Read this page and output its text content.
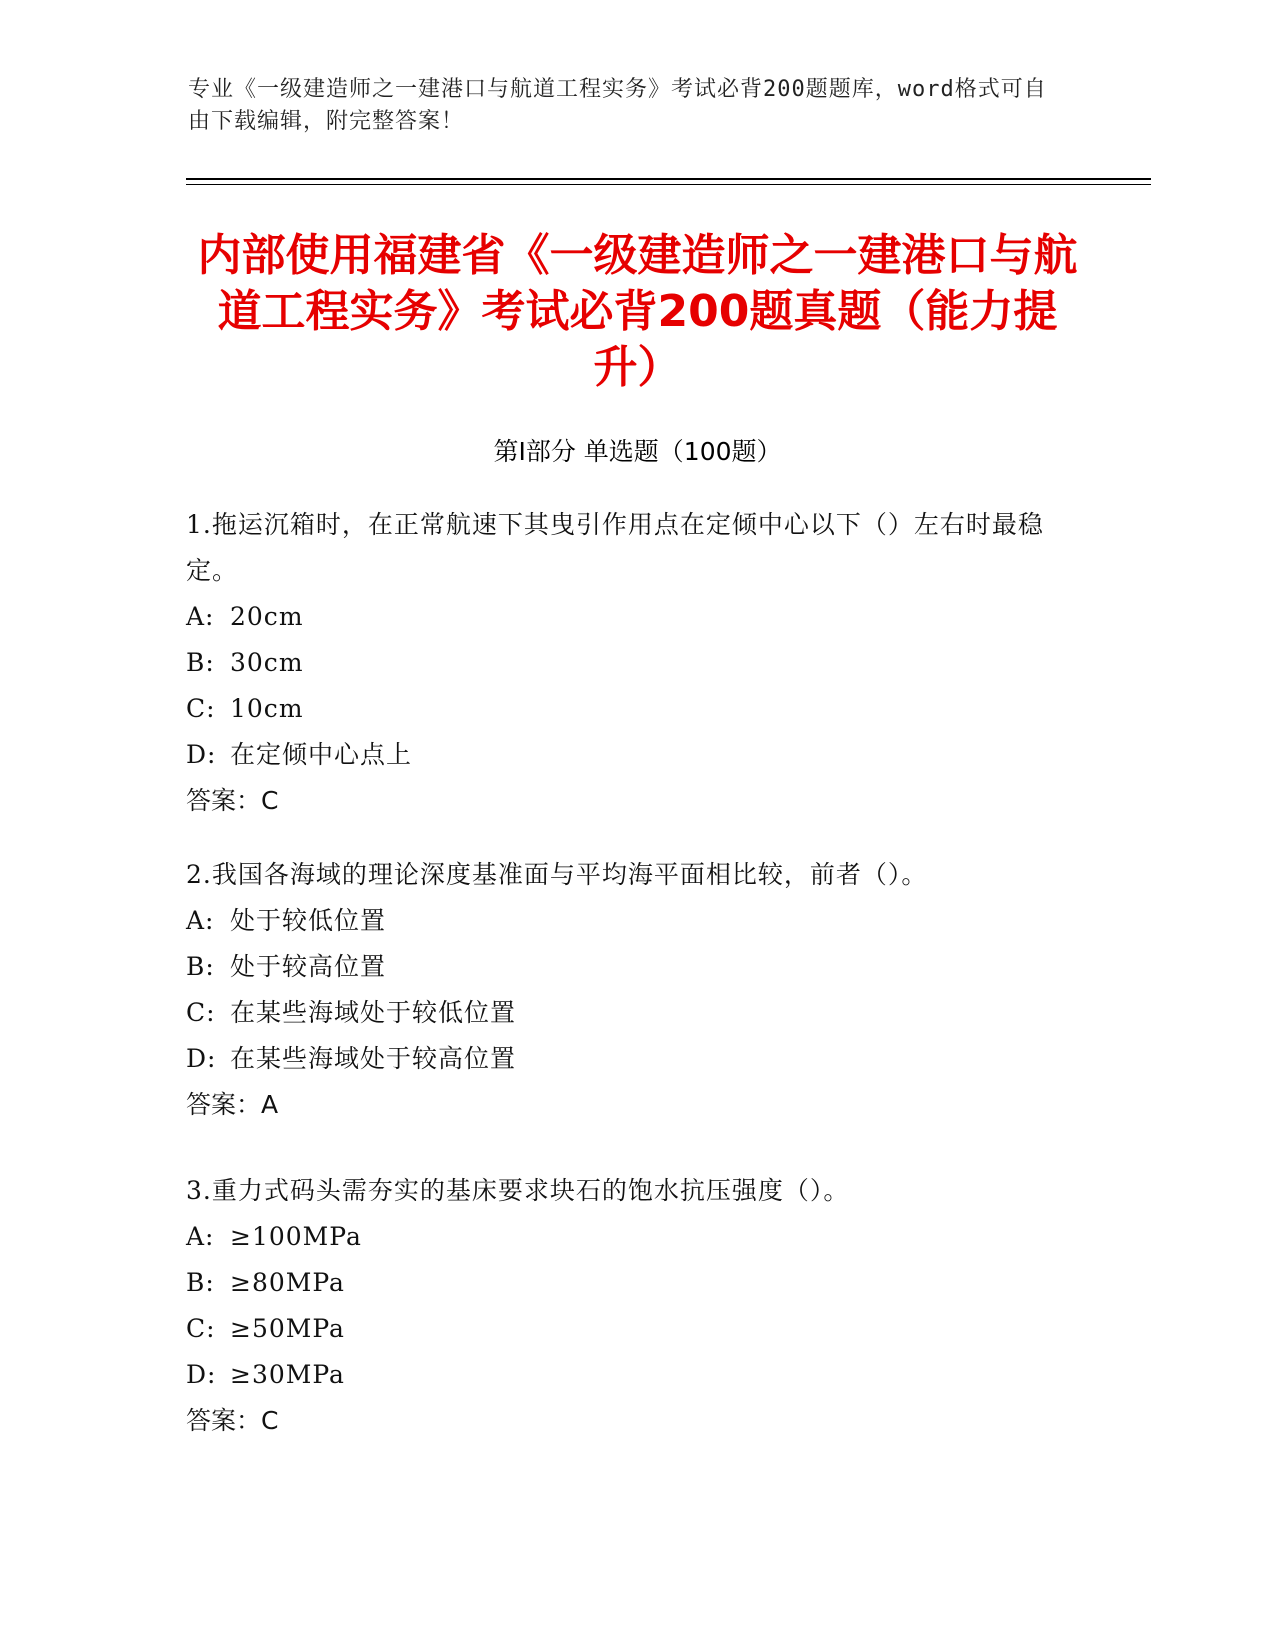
专业《一级建造师之一建港口与航道工程实务》考试必背200题题库，word格式可自由下载编辑，附完整答案！
内部使用福建省《一级建造师之一建港口与航道工程实务》考试必背200题真题（能力提升）
第I部分 单选题（100题）
1.拖运沉箱时，在正常航速下其曳引作用点在定倾中心以下（）左右时最稳定。
A: 20cm
B: 30cm
C: 10cm
D: 在定倾中心点上
答案：C
2.我国各海域的理论深度基准面与平均海平面相比较，前者（）。
A: 处于较低位置
B: 处于较高位置
C: 在某些海域处于较低位置
D: 在某些海域处于较高位置
答案：A
3.重力式码头需夯实的基床要求块石的饱水抗压强度（）。
A: ≥100MPa
B: ≥80MPa
C: ≥50MPa
D: ≥30MPa
答案：C
